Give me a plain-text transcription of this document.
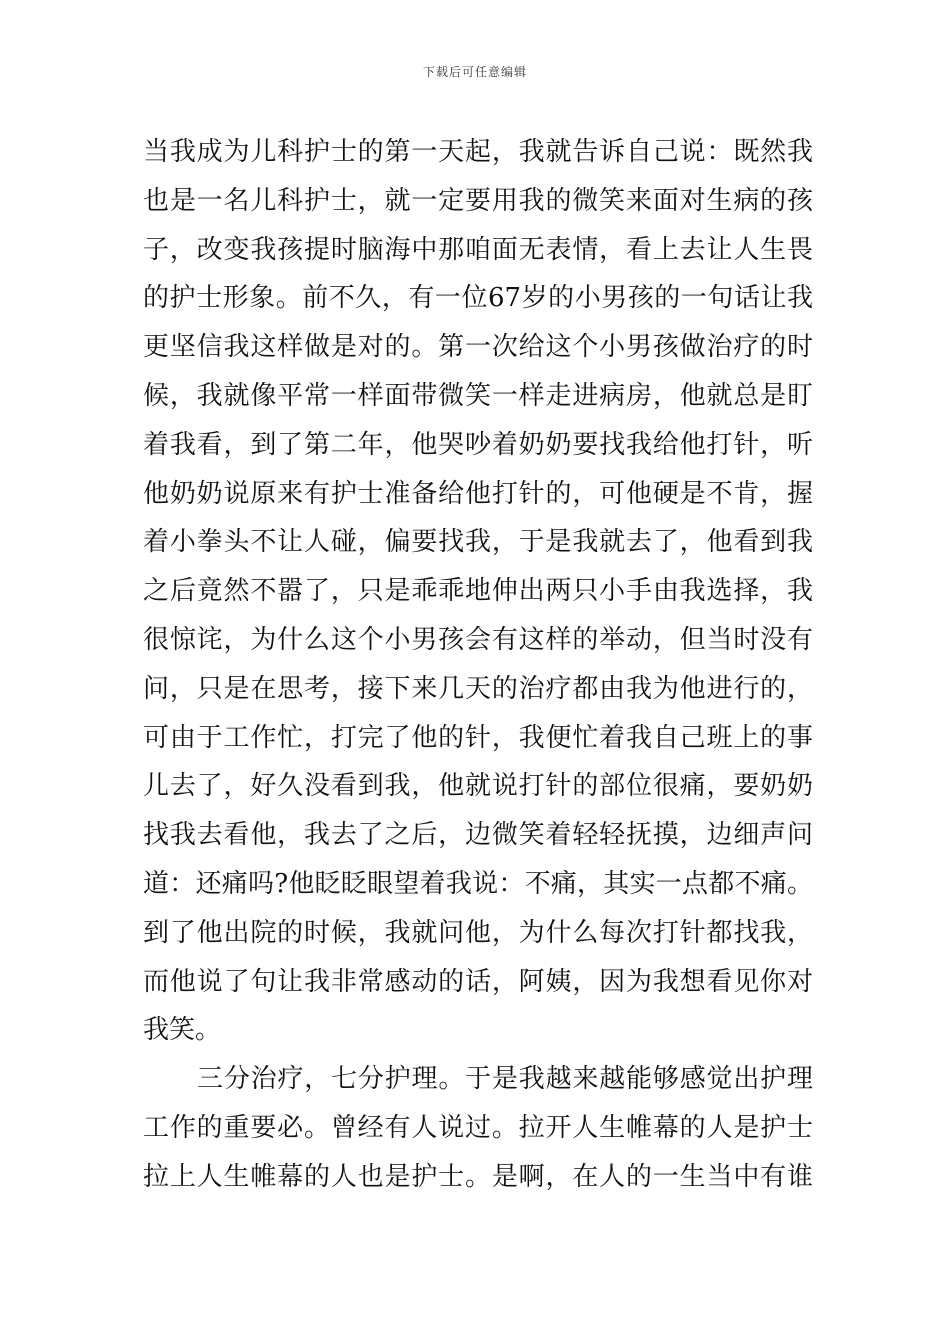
下载后可任意编辑
当我成为儿科护士的第一天起，我就告诉自己说：既然我
也是一名儿科护士，就一定要用我的微笑来面对生病的孩
子，改变我孩提时脑海中那咱面无表情，看上去让人生畏
的护士形象。前不久，有一位67岁的小男孩的一句话让我
更坚信我这样做是对的。第一次给这个小男孩做治疗的时
候，我就像平常一样面带微笑一样走进病房，他就总是盯
着我看，到了第二年，他哭吵着奶奶要找我给他打针，听
他奶奶说原来有护士准备给他打针的，可他硬是不肯，握
着小拳头不让人碰，偏要找我，于是我就去了，他看到我
之后竟然不嚣了，只是乖乖地伸出两只小手由我选择，我
很惊诧，为什么这个小男孩会有这样的举动，但当时没有
问，只是在思考，接下来几天的治疗都由我为他进行的，
可由于工作忙，打完了他的针，我便忙着我自己班上的事
儿去了，好久没看到我，他就说打针的部位很痛，要奶奶
找我去看他，我去了之后，边微笑着轻轻抚摸，边细声问
道：还痛吗?他眨眨眼望着我说：不痛，其实一点都不痛。
到了他出院的时候，我就问他，为什么每次打针都找我，
而他说了句让我非常感动的话，阿姨，因为我想看见你对
我笑。
三分治疗，七分护理。于是我越来越能够感觉出护理
工作的重要必。曾经有人说过。拉开人生帷幕的人是护士
拉上人生帷幕的人也是护士。是啊，在人的一生当中有谁
